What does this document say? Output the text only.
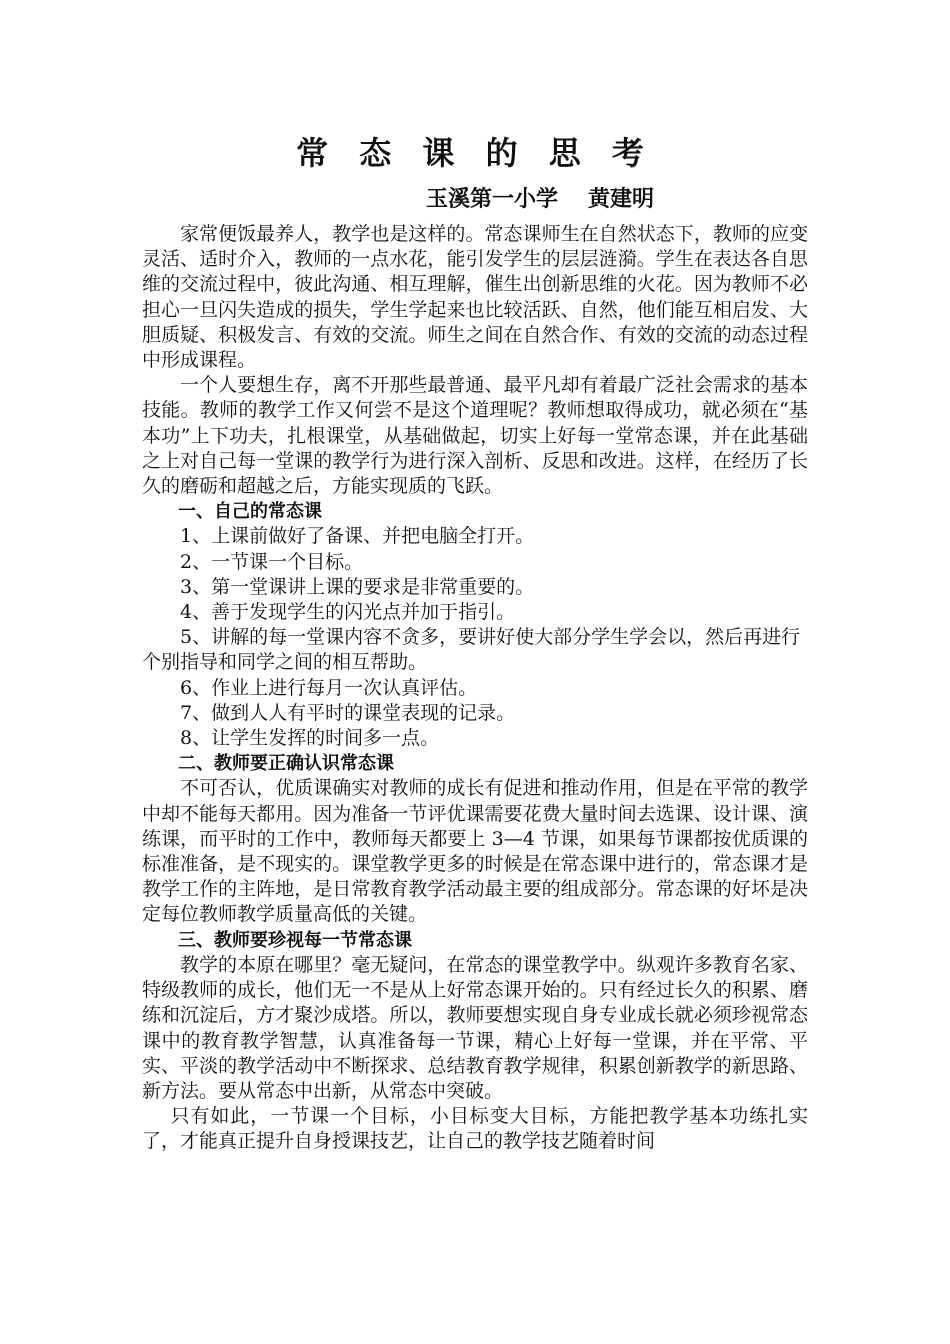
常 态 课 的 思 考
玉溪第一小学 黄建明

家常便饭最养人，教学也是这样的。常态课师生在自然状态下，教师的应变灵活、适时介入，教师的一点水花，能引发学生的层层涟漪。学生在表达各自思维的交流过程中，彼此沟通、相互理解，催生出创新思维的火花。因为教师不必担心一旦闪失造成的损失，学生学起来也比较活跃、自然，他们能互相启发、大胆质疑、积极发言、有效的交流。师生之间在自然合作、有效的交流的动态过程中形成课程。

一个人要想生存，离不开那些最普通、最平凡却有着最广泛社会需求的基本技能。教师的教学工作又何尝不是这个道理呢？教师想取得成功，就必须在“基本功”上下功夫，扎根课堂，从基础做起，切实上好每一堂常态课，并在此基础之上对自己每一堂课的教学行为进行深入剖析、反思和改进。这样，在经历了长久的磨砺和超越之后，方能实现质的飞跃。

一、自己的常态课

1、上课前做好了备课、并把电脑全打开。

2、一节课一个目标。

3、第一堂课讲上课的要求是非常重要的。

4、善于发现学生的闪光点并加于指引。

5、讲解的每一堂课内容不贪多，要讲好使大部分学生学会以，然后再进行个别指导和同学之间的相互帮助。

6、作业上进行每月一次认真评估。

7、做到人人有平时的课堂表现的记录。

8、让学生发挥的时间多一点。

二、教师要正确认识常态课

不可否认，优质课确实对教师的成长有促进和推动作用，但是在平常的教学中却不能每天都用。因为准备一节评优课需要花费大量时间去选课、设计课、演练课，而平时的工作中，教师每天都要上 3—4 节课，如果每节课都按优质课的标准准备，是不现实的。课堂教学更多的时候是在常态课中进行的，常态课才是教学工作的主阵地，是日常教育教学活动最主要的组成部分。常态课的好坏是决定每位教师教学质量高低的关键。

三、教师要珍视每一节常态课

教学的本原在哪里？毫无疑问，在常态的课堂教学中。纵观许多教育名家、特级教师的成长，他们无一不是从上好常态课开始的。只有经过长久的积累、磨练和沉淀后，方才聚沙成塔。所以，教师要想实现自身专业成长就必须珍视常态课中的教育教学智慧，认真准备每一节课，精心上好每一堂课，并在平常、平实、平淡的教学活动中不断探求、总结教育教学规律，积累创新教学的新思路、新方法。要从常态中出新，从常态中突破。

只有如此，一节课一个目标，小目标变大目标，方能把教学基本功练扎实了，才能真正提升自身授课技艺，让自己的教学技艺随着时间
